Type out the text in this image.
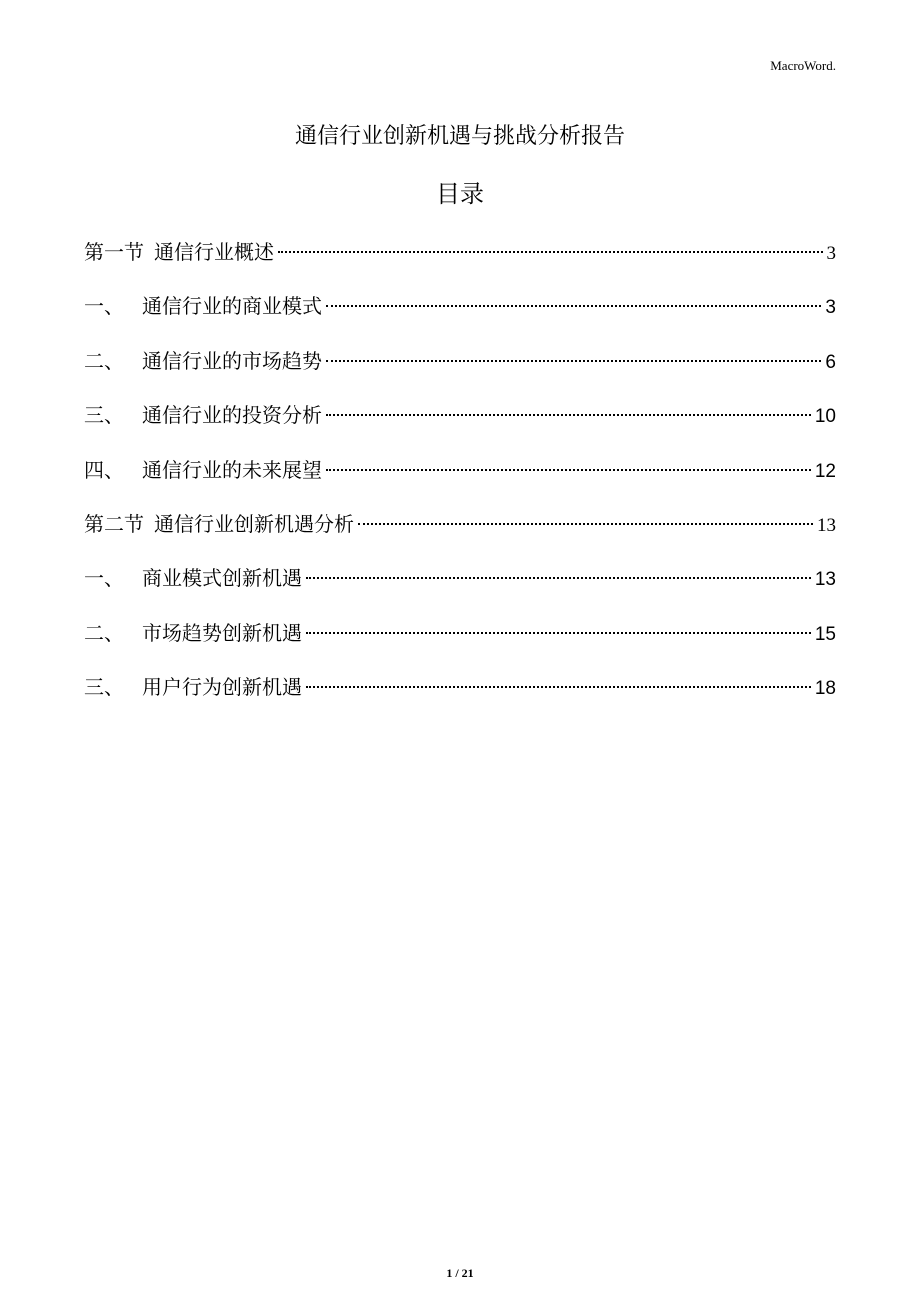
MacroWord.
通信行业创新机遇与挑战分析报告
目录
第一节 通信行业概述	3
一、 通信行业的商业模式	3
二、 通信行业的市场趋势	6
三、 通信行业的投资分析	10
四、 通信行业的未来展望	12
第二节 通信行业创新机遇分析	13
一、 商业模式创新机遇	13
二、 市场趋势创新机遇	15
三、 用户行为创新机遇	18
1 / 21
